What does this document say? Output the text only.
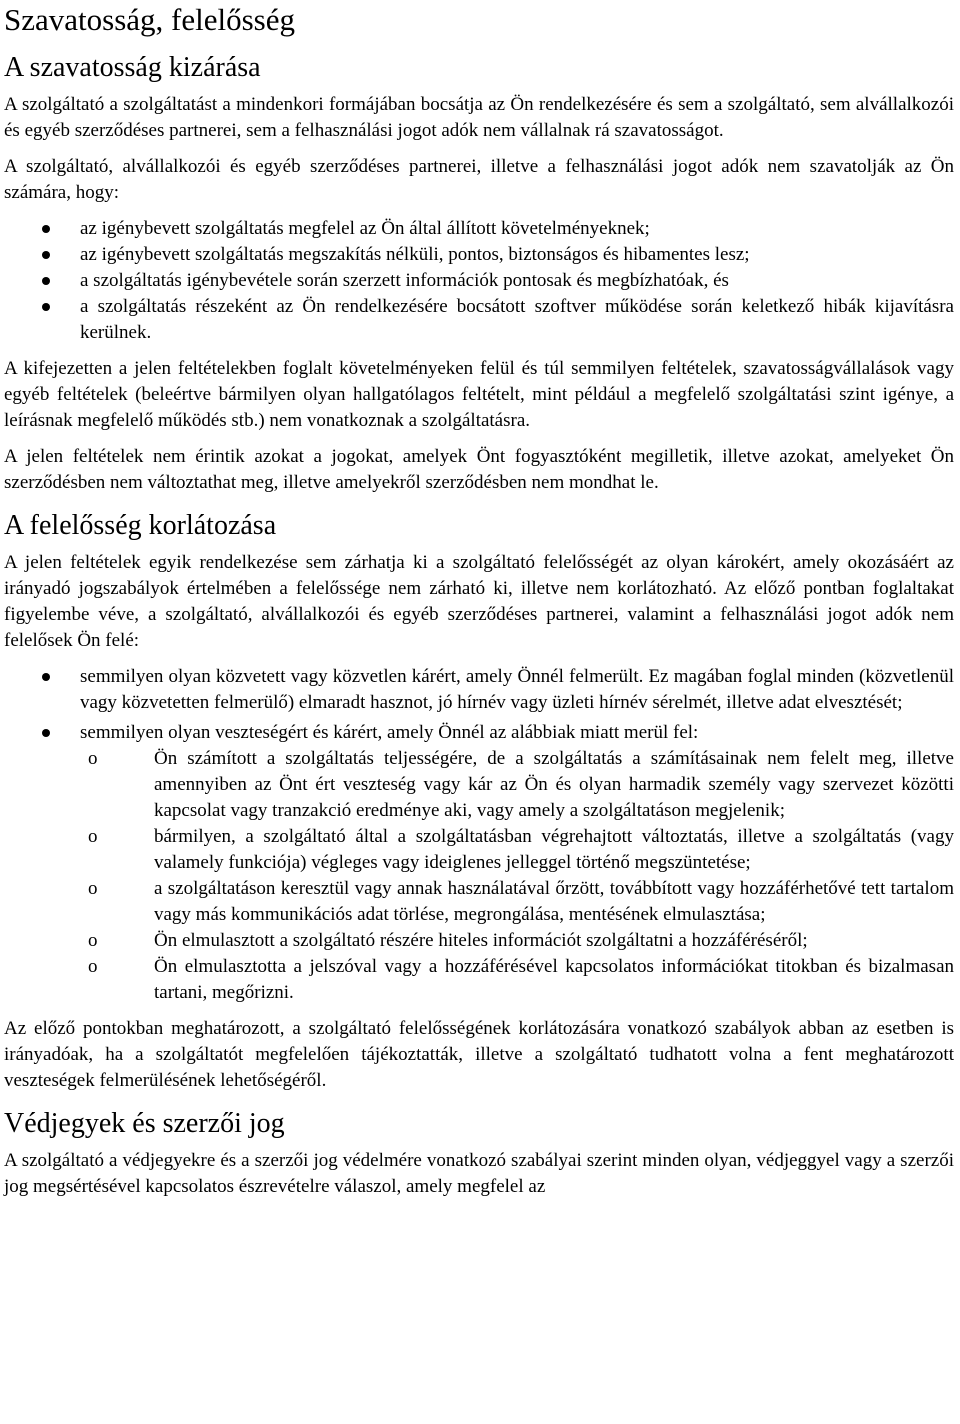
Szavatosság, felelősség
A szavatosság kizárása

A szolgáltató a szolgáltatást a mindenkori formájában bocsátja az Ön rendelkezésére és sem a szolgáltató, sem alvállalkozói és egyéb szerződéses partnerei, sem a felhasználási jogot adók nem vállalnak rá szavatosságot.

A szolgáltató, alvállalkozói és egyéb szerződéses partnerei, illetve a felhasználási jogot adók nem szavatolják az Ön számára, hogy:

az igénybevett szolgáltatás megfelel az Ön által állított követelményeknek;
az igénybevett szolgáltatás megszakítás nélküli, pontos, biztonságos és hibamentes lesz;
a szolgáltatás igénybevétele során szerzett információk pontosak és megbízhatóak, és
a szolgáltatás részeként az Ön rendelkezésére bocsátott szoftver működése során keletkező hibák kijavításra kerülnek.

A kifejezetten a jelen feltételekben foglalt követelményeken felül és túl semmilyen feltételek, szavatosságvállalások vagy egyéb feltételek (beleértve bármilyen olyan hallgatólagos feltételt, mint például a megfelelő szolgáltatási szint igénye, a leírásnak megfelelő működés stb.) nem vonatkoznak a szolgáltatásra.

A jelen feltételek nem érintik azokat a jogokat, amelyek Önt fogyasztóként megilletik, illetve azokat, amelyeket Ön szerződésben nem változtathat meg, illetve amelyekről szerződésben nem mondhat le.

A felelősség korlátozása

A jelen feltételek egyik rendelkezése sem zárhatja ki a szolgáltató felelősségét az olyan károkért, amely okozásáért az irányadó jogszabályok értelmében a felelőssége nem zárható ki, illetve nem korlátozható. Az előző pontban foglaltakat figyelembe véve, a szolgáltató, alvállalkozói és egyéb szerződéses partnerei, valamint a felhasználási jogot adók nem felelősek Ön felé:

semmilyen olyan közvetett vagy közvetlen kárért, amely Önnél felmerült. Ez magában foglal minden (közvetlenül vagy közvetetten felmerülő) elmaradt hasznot, jó hírnév vagy üzleti hírnév sérelmét, illetve adat elvesztését;
semmilyen olyan veszteségért és kárért, amely Önnél az alábbiak miatt merül fel:
o	Ön számított a szolgáltatás teljességére, de a szolgáltatás a számításainak nem felelt meg, illetve amennyiben az Önt ért veszteség vagy kár az Ön és olyan harmadik személy vagy szervezet közötti kapcsolat vagy tranzakció eredménye aki, vagy amely a szolgáltatáson megjelenik;
o	bármilyen, a szolgáltató által a szolgáltatásban végrehajtott változtatás, illetve a szolgáltatás (vagy valamely funkciója) végleges vagy ideiglenes jelleggel történő megszüntetése;
o	a szolgáltatáson keresztül vagy annak használatával őrzött, továbbított vagy hozzáférhetővé tett tartalom vagy más kommunikációs adat törlése, megrongálása, mentésének elmulasztása;
o	Ön elmulasztott a szolgáltató részére hiteles információt szolgáltatni a hozzáféréséről;
o	Ön elmulasztotta a jelszóval vagy a hozzáférésével kapcsolatos információkat titokban és bizalmasan tartani, megőrizni.

Az előző pontokban meghatározott, a szolgáltató felelősségének korlátozására vonatkozó szabályok abban az esetben is irányadóak, ha a szolgáltatót megfelelően tájékoztatták, illetve a szolgáltató tudhatott volna a fent meghatározott veszteségek felmerülésének lehetőségéről.

Védjegyek és szerzői jog

A szolgáltató a védjegyekre és a szerzői jog védelmére vonatkozó szabályai szerint minden olyan, védjeggyel vagy a szerzői jog megsértésével kapcsolatos észrevételre válaszol, amely megfelel az
